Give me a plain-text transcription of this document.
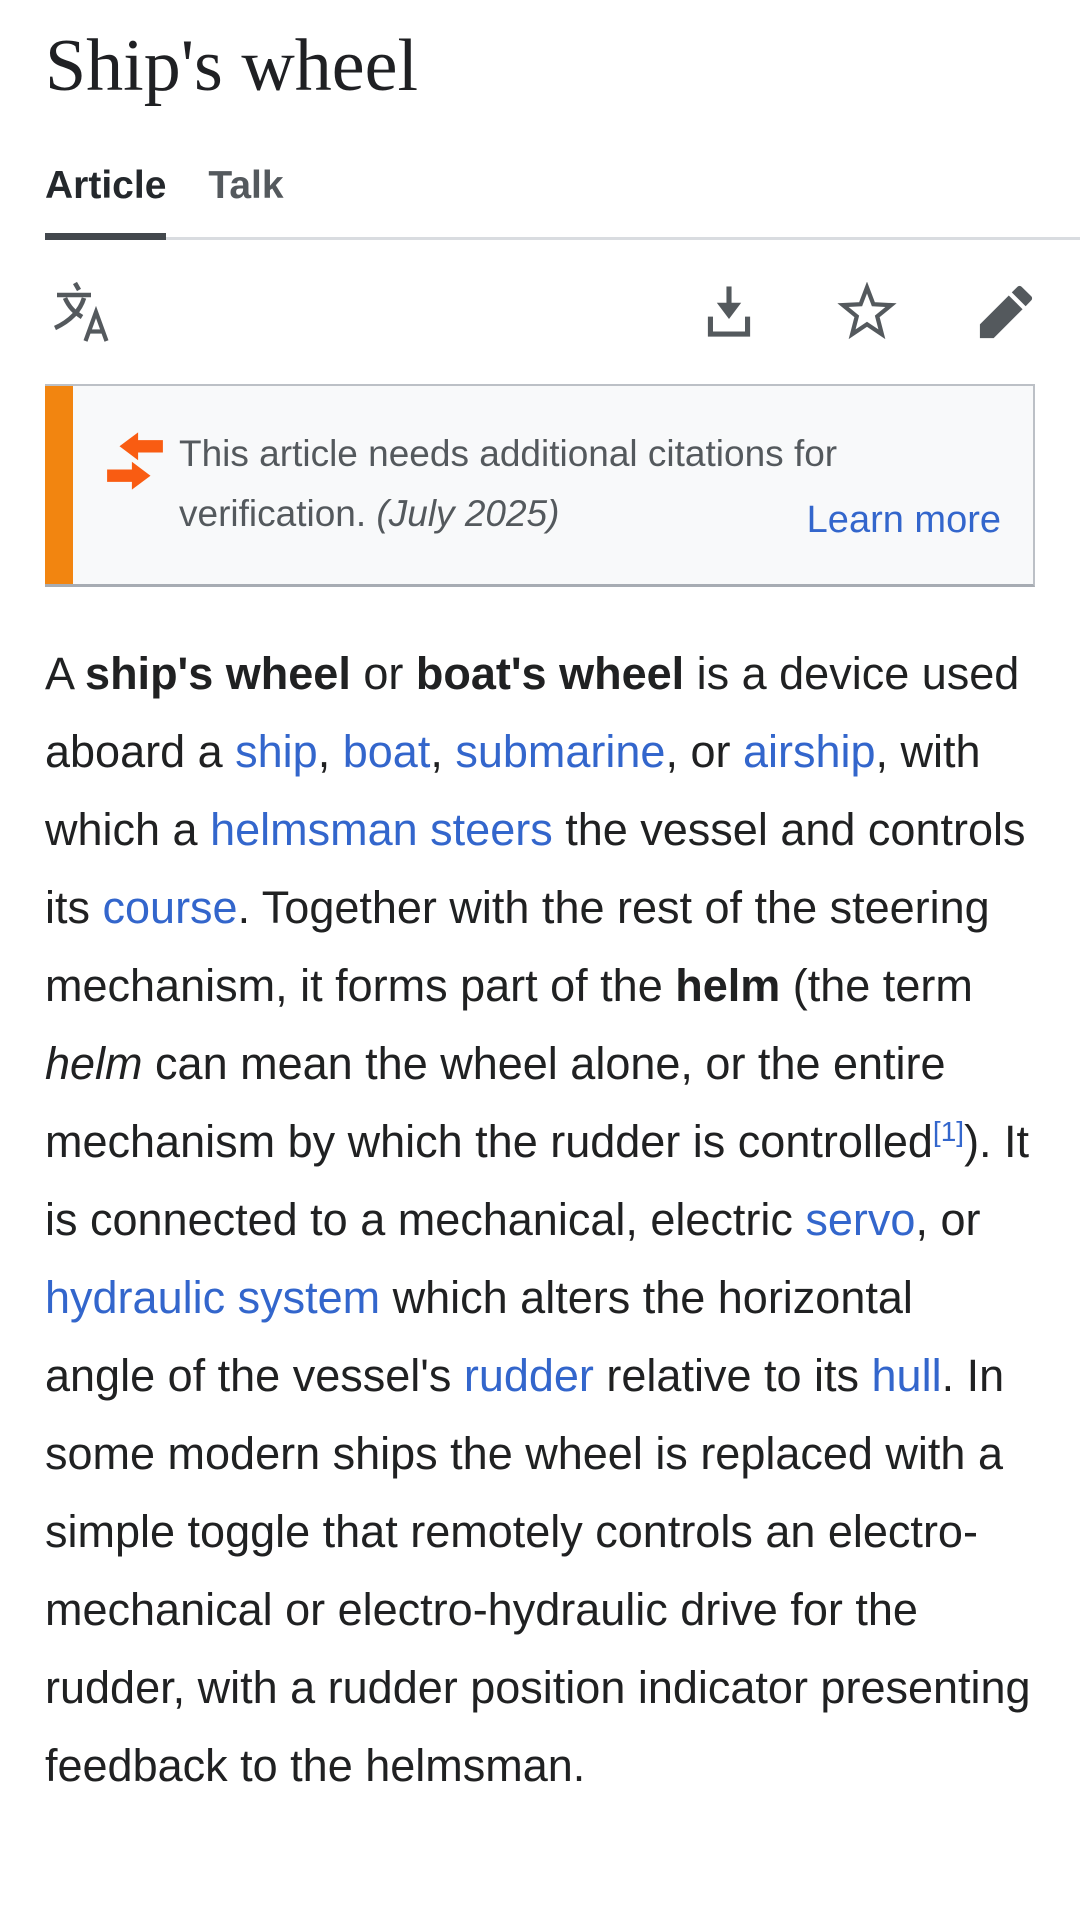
Ship's wheel
Article Talk
This article needs additional citations for verification. (July 2025)	Learn more

A ship's wheel or boat's wheel is a device used aboard a ship, boat, submarine, or airship, with which a helmsman steers the vessel and controls its course. Together with the rest of the steering mechanism, it forms part of the helm (the term helm can mean the wheel alone, or the entire mechanism by which the rudder is controlled[1]). It is connected to a mechanical, electric servo, or hydraulic system which alters the horizontal angle of the vessel's rudder relative to its hull. In some modern ships the wheel is replaced with a simple toggle that remotely controls an electro-mechanical or electro-hydraulic drive for the rudder, with a rudder position indicator presenting feedback to the helmsman.
